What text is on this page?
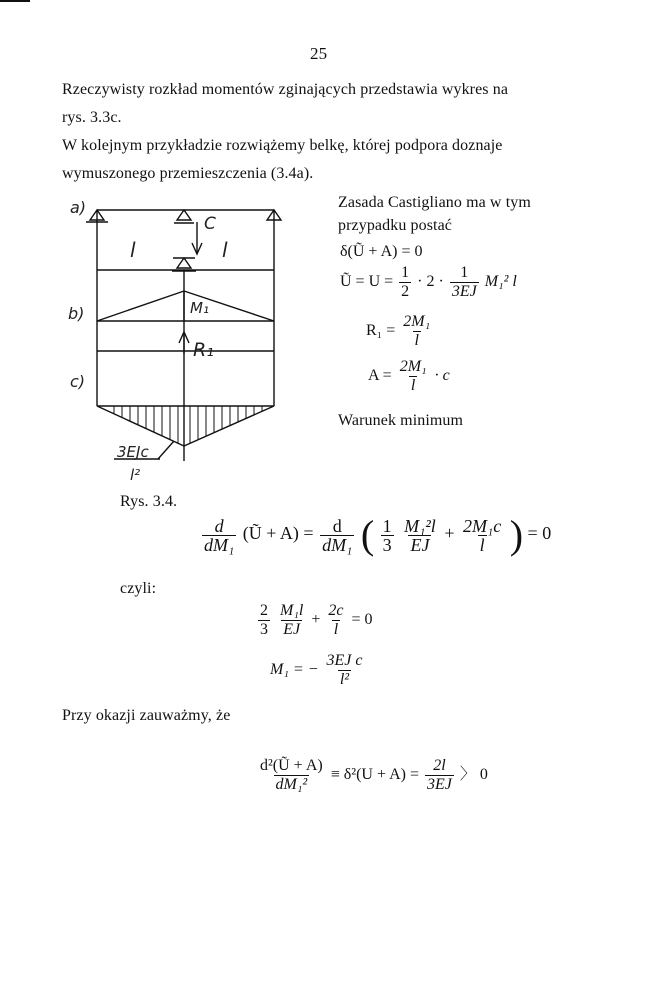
25
Rzeczywisty rozkład momentów zginających przedstawia wykres na
rys. 3.3c.
W kolejnym przykładzie rozwiążemy belkę, której podpora doznaje
wymuszonego przemieszczenia (3.4a).
Zasada Castigliano ma w tym
przypadku postać
δ(Ũ + A) = 0
Ũ = $U = \frac{1}{2} \cdot 2 \cdot \frac{1}{3EJ} M_1^2$ l
$R_1 = \frac{\text{2M₁}}{l}$
$A = \frac{\text{2M₁}}{l} \cdot c$
Warunek minimum
a)
C
l	l
b)	M₁
R₁
c)
3EJc
l²
Rys. 3.4.
$\frac{d}{\text{dM₁}}$ (Ũ + $A) = \frac{d}{\text{dM₁}}$ ( $\frac{1}{3}$
$\frac{\text{M₁²l}}{EJ} + \frac{\text{2M₁c}}{l}$ ) = 0
czyli:
$\frac{2}{3}$
$\frac{\text{M₁l}}{EJ} + \frac{2c}{l} = 0$
M₁ = − $\frac{\text{3EJ c}}{\text{l²}}$
Przy okazji zauważmy, że
$\frac{\text{d²(Ũ + A)}}{\text{dM₁²}} \equiv \delta^2(U + A) = \frac{2l}{3EJ}$ 〉 0
